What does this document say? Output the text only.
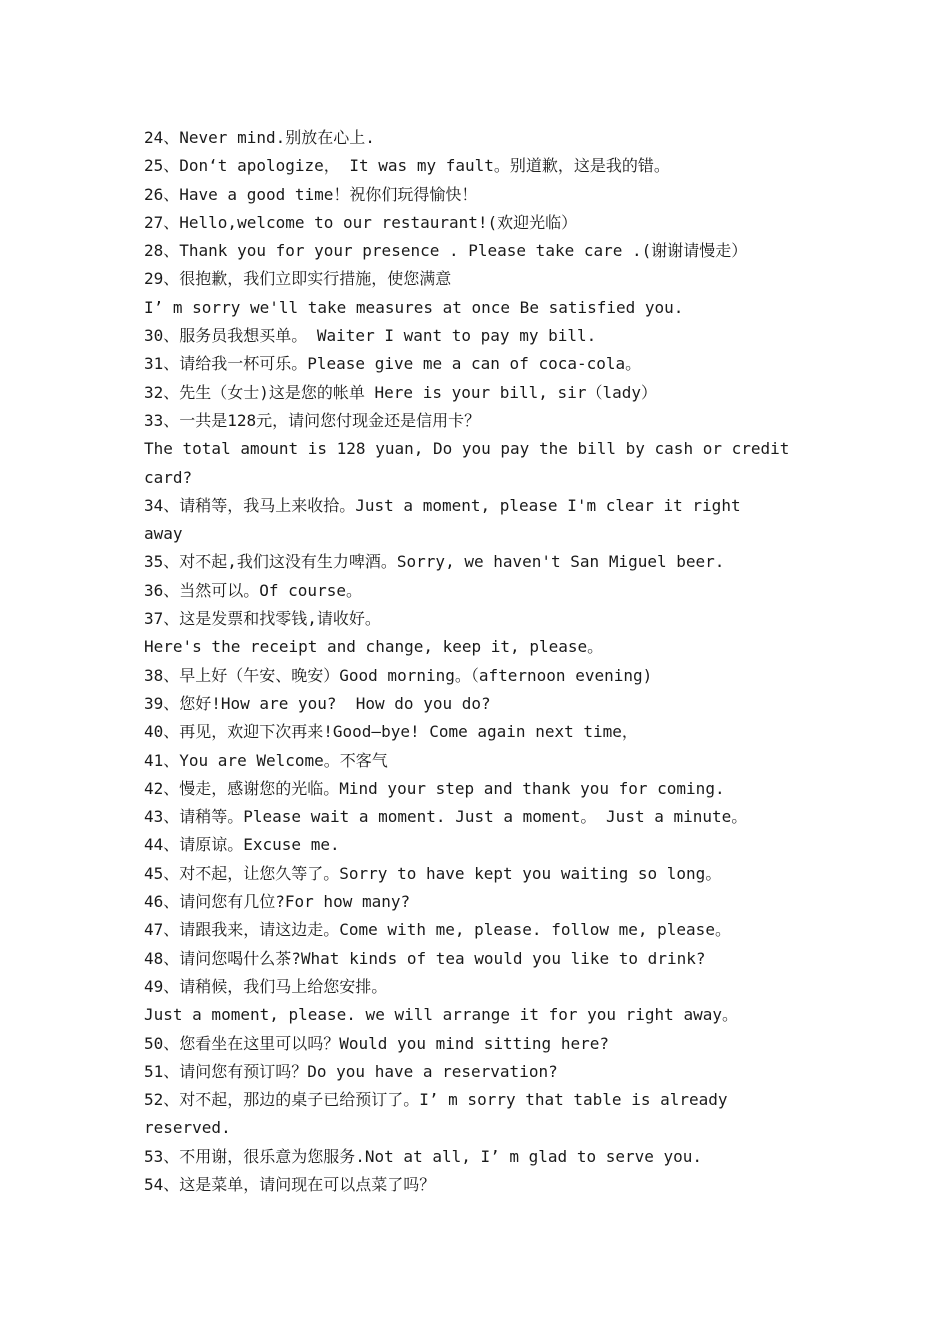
24、Never mind.别放在心上.
25、Don‘t apologize， It was my fault。别道歉，这是我的错。
26、Have a good time！祝你们玩得愉快！
27、Hello,welcome to our restaurant!(欢迎光临）
28、Thank you for your presence . Please take care .(谢谢请慢走）
29、很抱歉，我们立即实行措施，使您满意
I’ m sorry we'll take measures at once Be satisfied you.
30、服务员我想买单。 Waiter I want to pay my bill.
31、请给我一杯可乐。Please give me a can of coca-cola。
32、先生（女士)这是您的帐单 Here is your bill, sir（lady）
33、一共是128元，请问您付现金还是信用卡？
The total amount is 128 yuan, Do you pay the bill by cash or credit
card?
34、请稍等，我马上来收拾。Just a moment, please I'm clear it right
away
35、对不起,我们这没有生力啤酒。Sorry, we haven't San Miguel beer.
36、当然可以。Of course。
37、这是发票和找零钱,请收好。
Here's the receipt and change, keep it, please。
38、早上好（午安、晚安）Good morning。（afternoon evening)
39、您好!How are you?  How do you do?
40、再见，欢迎下次再来!Good—bye! Come again next time，
41、You are Welcome。不客气
42、慢走，感谢您的光临。Mind your step and thank you for coming.
43、请稍等。Please wait a moment. Just a moment。 Just a minute。
44、请原谅。Excuse me.
45、对不起，让您久等了。Sorry to have kept you waiting so long。
46、请问您有几位?For how many?
47、请跟我来，请这边走。Come with me, please. follow me, please。
48、请问您喝什么茶?What kinds of tea would you like to drink?
49、请稍候，我们马上给您安排。
Just a moment, please. we will arrange it for you right away。
50、您看坐在这里可以吗？Would you mind sitting here?
51、请问您有预订吗？Do you have a reservation?
52、对不起，那边的桌子已给预订了。I’ m sorry that table is already
reserved.
53、不用谢，很乐意为您服务.Not at all, I’ m glad to serve you.
54、这是菜单，请问现在可以点菜了吗？
